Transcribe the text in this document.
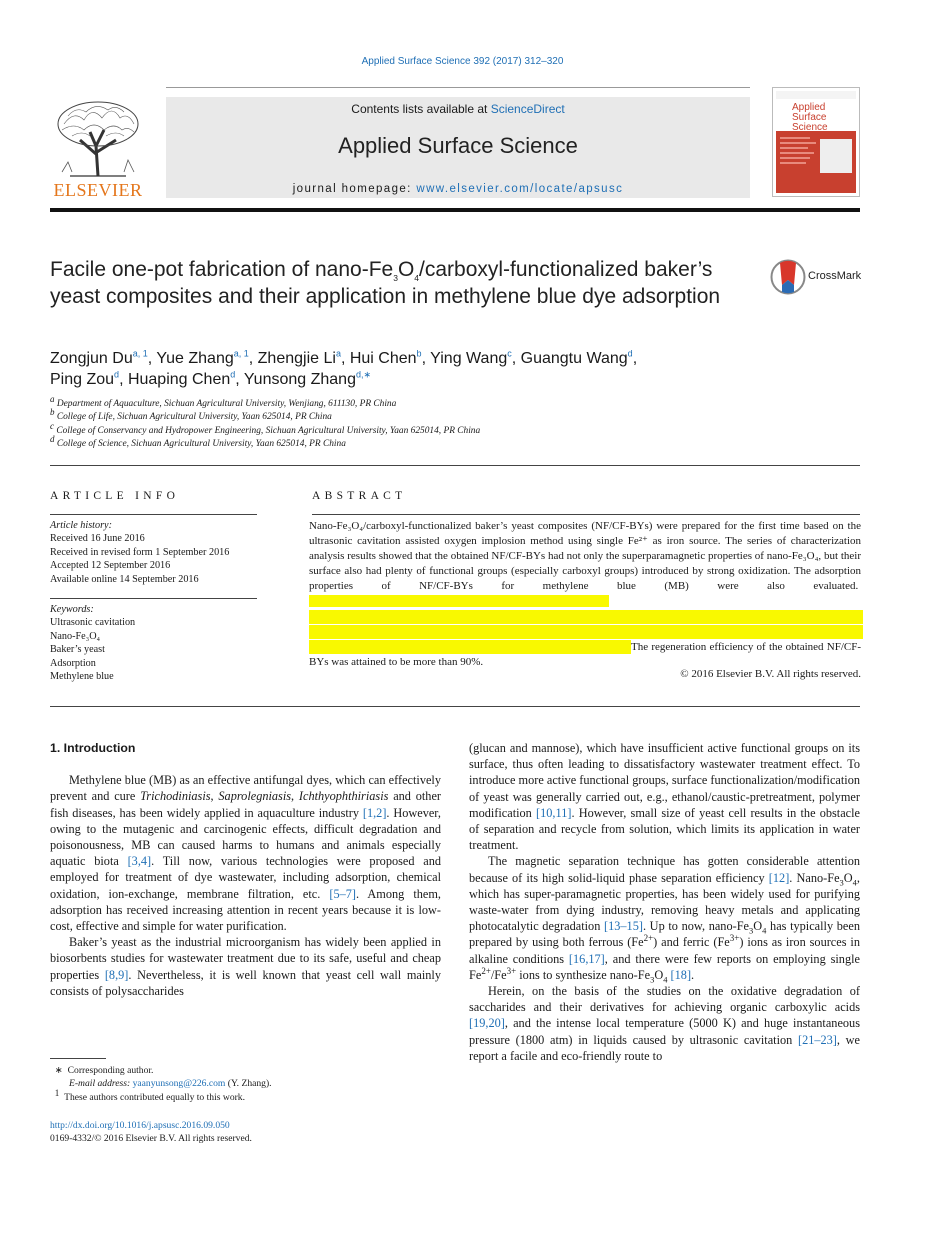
Applied Surface Science 392 (2017) 312–320
ELSEVIER
Contents lists available at ScienceDirect
Applied Surface Science
journal homepage: www.elsevier.com/locate/apsusc
Applied
Surface Science
Facile one-pot fabrication of nano-$Fe_3O_4/carboxyl$-functionalized baker’s yeast composites and their application in methylene blue dye adsorption
CrossMark
Zongjun Du$^{a, 1}$, Yue Zhang$^{a, 1}$, Zhengjie Li$^a$, Hui Chen$^b$, Ying Wang$^c$, Guangtu Wang$^d$,
Ping Zou$^d$, Huaping Chen$^d$, Yunsong Zhang$^{d,∗}$
$^a$ Department of Aquaculture, Sichuan Agricultural University, Wenjiang, 611130, PR China
$^b$ College of Life, Sichuan Agricultural University, Yaan 625014, PR China
$^c$ College of Conservancy and Hydropower Engineering, Sichuan Agricultural University, Yaan 625014, PR China
$^d$ College of Science, Sichuan Agricultural University, Yaan 625014, PR China
ARTICLE INFO	ABSTRACT
Article history:
Received 16 June 2016
Received in revised form 1 September 2016
Accepted 12 September 2016
Available online 14 September 2016
Keywords:
Ultrasonic cavitation
Nano-Fe₃O₄
Baker’s yeast
Adsorption
Methylene blue
Nano-Fe₃O₄/carboxyl-functionalized baker’s yeast composites (NF/CF-BYs) were prepared for the first time based on the ultrasonic cavitation assisted oxygen implosion method using single Fe²⁺ as iron source. The series of characterization analysis results showed that the obtained NF/CF-BYs had not only the superparamagnetic properties of nano-Fe₃O₄, but their surface also had plenty of functional groups (especially carboxyl groups) introduced by strong oxidization. The adsorption properties of NF/CF-BYs for methylene blue (MB) were also evaluated.

The regeneration efficiency of the obtained NF/CF-BYs was attained to be more than 90%.
© 2016 Elsevier B.V. All rights reserved.
1. Introduction

Methylene blue (MB) as an effective antifungal dyes, which can effectively prevent and cure Trichodiniasis, Saprolegniasis, Ichthyophthiriasis and other fish diseases, has been widely applied in aquaculture industry [1,2]. However, owing to the mutagenic and carcinogenic effects, difficult degradation and poisonousness, MB can caused harms to humans and animals especially aquatic biota [3,4]. Till now, various technologies were proposed and employed for treatment of dye wastewater, including adsorption, chemical oxidation, ion-exchange, membrane filtration, etc. [5–7]. Among them, adsorption has received increasing attention in recent years because it is low-cost, effective and simple for water purification.

Baker’s yeast as the industrial microorganism has widely been applied in biosorbents studies for wastewater treatment due to its safe, useful and cheap properties [8,9]. Nevertheless, it is well known that yeast cell wall mainly consists of polysaccharides

(glucan and mannose), which have insufficient active functional groups on its surface, thus often leading to dissatisfactory wastewater treatment effect. To introduce more active functional groups, surface functionalization/modification of yeast was generally carried out, e.g., ethanol/caustic-pretreatment, polymer modification [10,11]. However, small size of yeast cell results in the obstacle of separation and recycle from solution, which limits its application in water treatment.

The magnetic separation technique has gotten considerable attention because of its high solid-liquid phase separation efficiency [12]. Nano-$Fe_3O_4$, which has super-paramagnetic properties, has been widely used for purifying waste-water from dying industry, removing heavy metals and applicating photocatalytic degradation [13–15]. Up to now, nano-$Fe_3O_4$ has typically been prepared by using both ferrous $(Fe^{2+})$ and ferric $(Fe^{3+})$ ions as iron sources in alkaline conditions [16,17], and there were few reports on employing single $Fe^{2+}/Fe^{3+}$ ions to synthesize nano-$Fe_3O_4$ [18].

Herein, on the basis of the studies on the oxidative degradation of saccharides and their derivatives for achieving organic carboxylic acids [19,20], and the intense local temperature (5000 K) and huge instantaneous pressure (1800 atm) in liquids caused by ultrasonic cavitation [21–23], we report a facile and eco-friendly route to

∗  Corresponding author.
E-mail address: yaanyunsong@226.com (Y. Zhang).
$^1$ These authors contributed equally to this work.
http://dx.doi.org/10.1016/j.apsusc.2016.09.050
0169-4332/© 2016 Elsevier B.V. All rights reserved.
